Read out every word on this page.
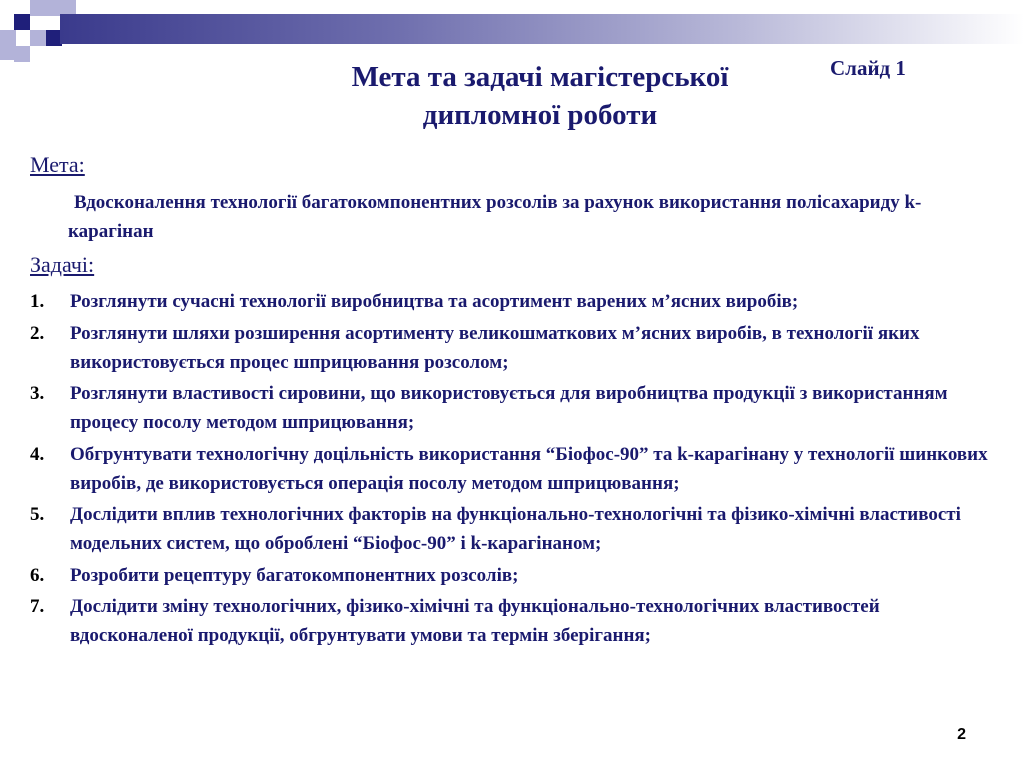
Мета та задачі магістерської
дипломної роботи
Слайд 1
Мета:
Вдосконалення технології багатокомпонентних розсолів за рахунок використання полісахариду k-карагінан
Задачі:
1.	Розглянути сучасні технології виробництва та асортимент варених м’ясних виробів;
2.	Розглянути шляхи розширення асортименту великошматкових м’ясних виробів, в технології яких використовується процес шприцювання розсолом;
3.	Розглянути властивості сировини, що використовується для виробництва продукції з використанням процесу посолу методом шприцювання;
4.	Обгрунтувати технологічну доцільність використання “Біофос-90” та k-карагінану у технології шинкових виробів, де використовується операція посолу методом шприцювання;
5.	Дослідити вплив технологічних факторів на функціонально-технологічні та фізико-хімічні властивості модельних систем, що оброблені “Біофос-90” і k-карагінаном;
6.	Розробити рецептуру багатокомпонентних розсолів;
7.	Дослідити зміну технологічних, фізико-хімічні та функціонально-технологічних властивостей вдосконаленої продукції, обгрунтувати умови та термін зберігання;
2
